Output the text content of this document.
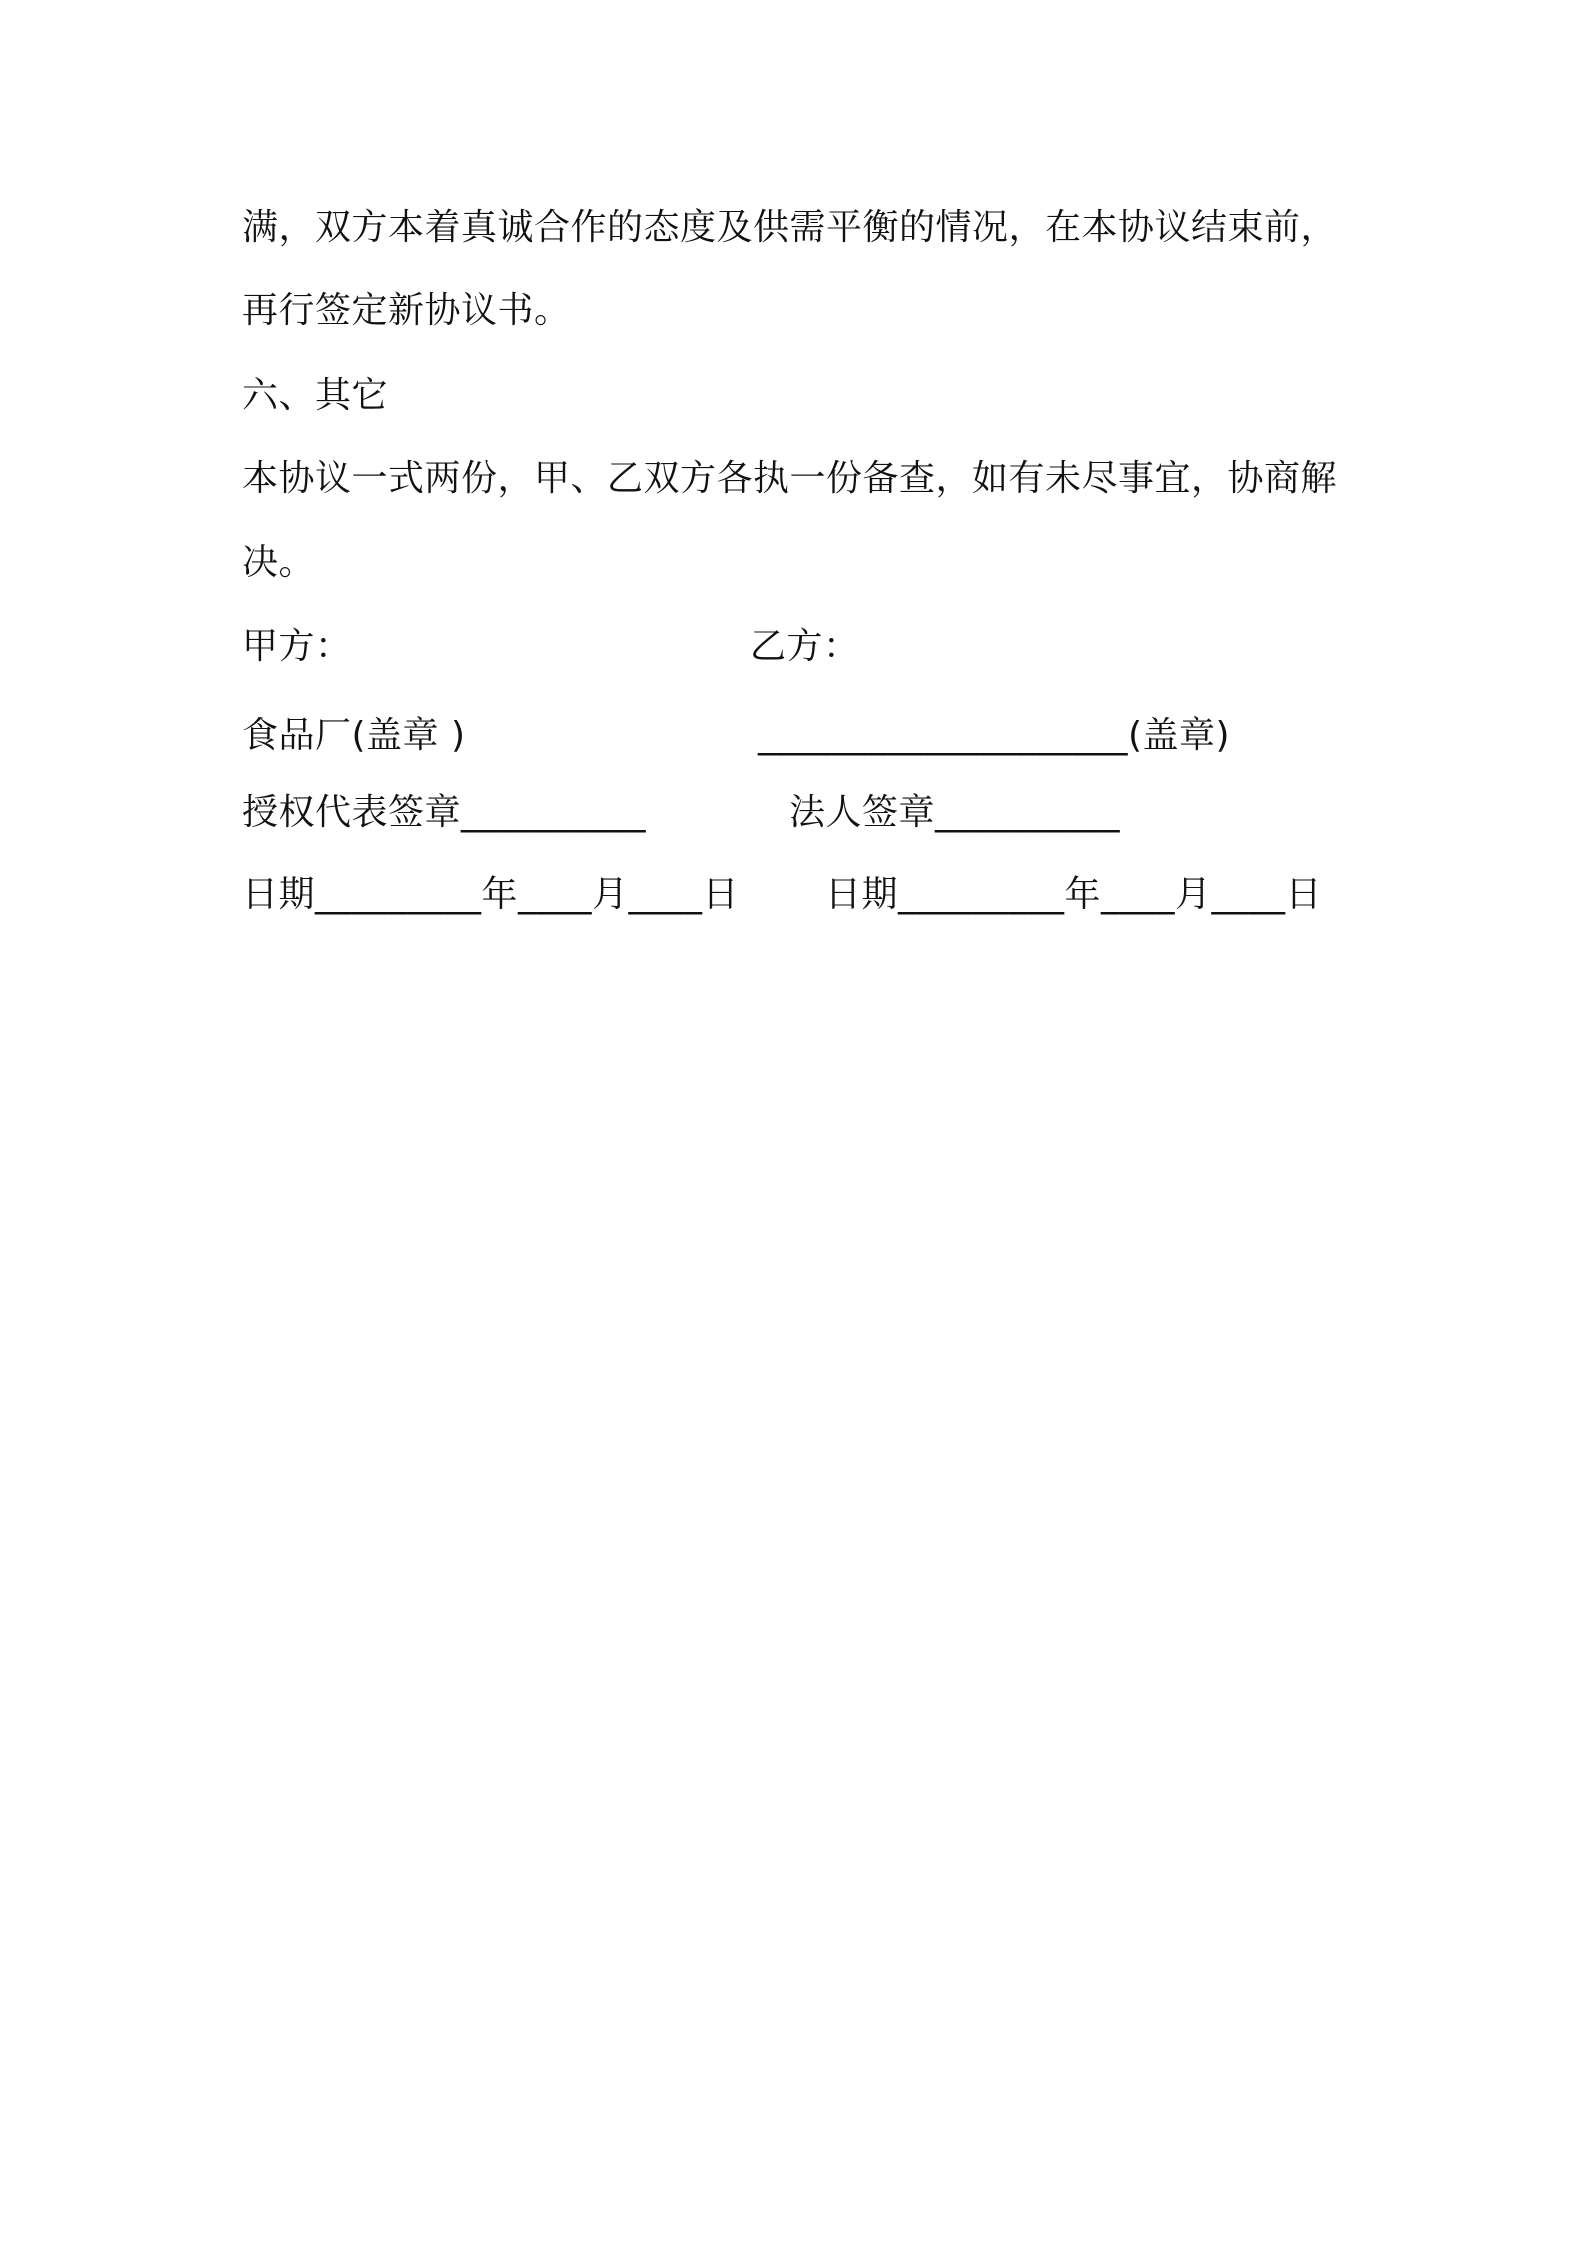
满，双方本着真诚合作的态度及供需平衡的情况，在本协议结束前，
再行签定新协议书。
六、其它
本协议一式两份，甲、乙双方各执一份备查，如有未尽事宜，协商解
决。
甲方：
食品厂(盖章 )
授权代表签章__________
日期_________年____月____日
乙方：
____________________(盖章)
法人签章__________
日期_________年____月____日
